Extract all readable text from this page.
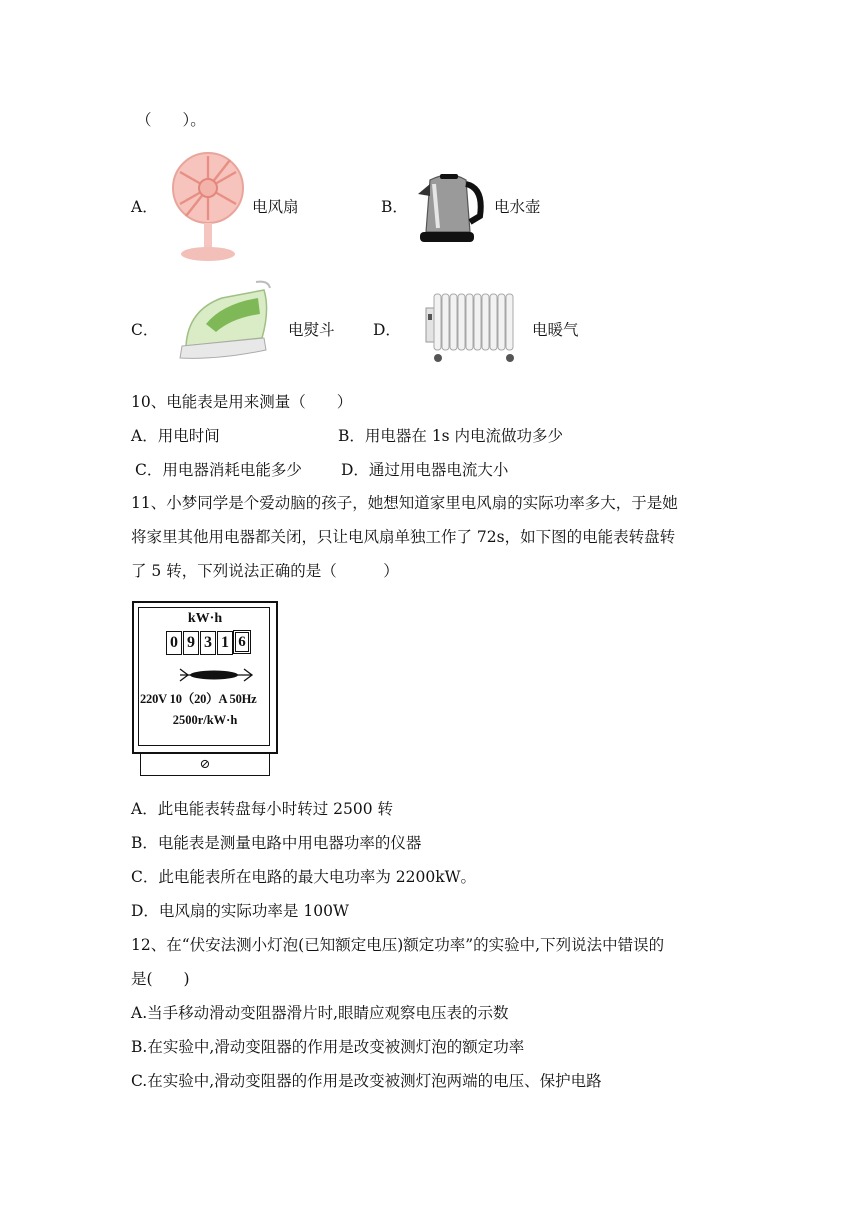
（　　）。
A．	电风扇	B．	电水壶
C．	电熨斗 D．	电暖气
10、电能表是用来测量（　　）
A．用电时间	B．用电器在 1s 内电流做功多少
C．用电器消耗电能多少	D．通过用电器电流大小
11、小梦同学是个爱动脑的孩子，她想知道家里电风扇的实际功率多大，于是她
将家里其他用电器都关闭，只让电风扇单独工作了 72s，如下图的电能表转盘转
了 5 转，下列说法正确的是（　　　）
kW·h
0 9 3 1 6
220V 10（20）A 50Hz
2500r/kW·h
⊘
A．此电能表转盘每小时转过 2500 转
B．电能表是测量电路中用电器功率的仪器
C．此电能表所在电路的最大电功率为 2200kW。
D．电风扇的实际功率是 100W
12、在“伏安法测小灯泡(已知额定电压)额定功率”的实验中,下列说法中错误的
是(　　)
A.当手移动滑动变阻器滑片时,眼睛应观察电压表的示数
B.在实验中,滑动变阻器的作用是改变被测灯泡的额定功率
C.在实验中,滑动变阻器的作用是改变被测灯泡两端的电压、保护电路
